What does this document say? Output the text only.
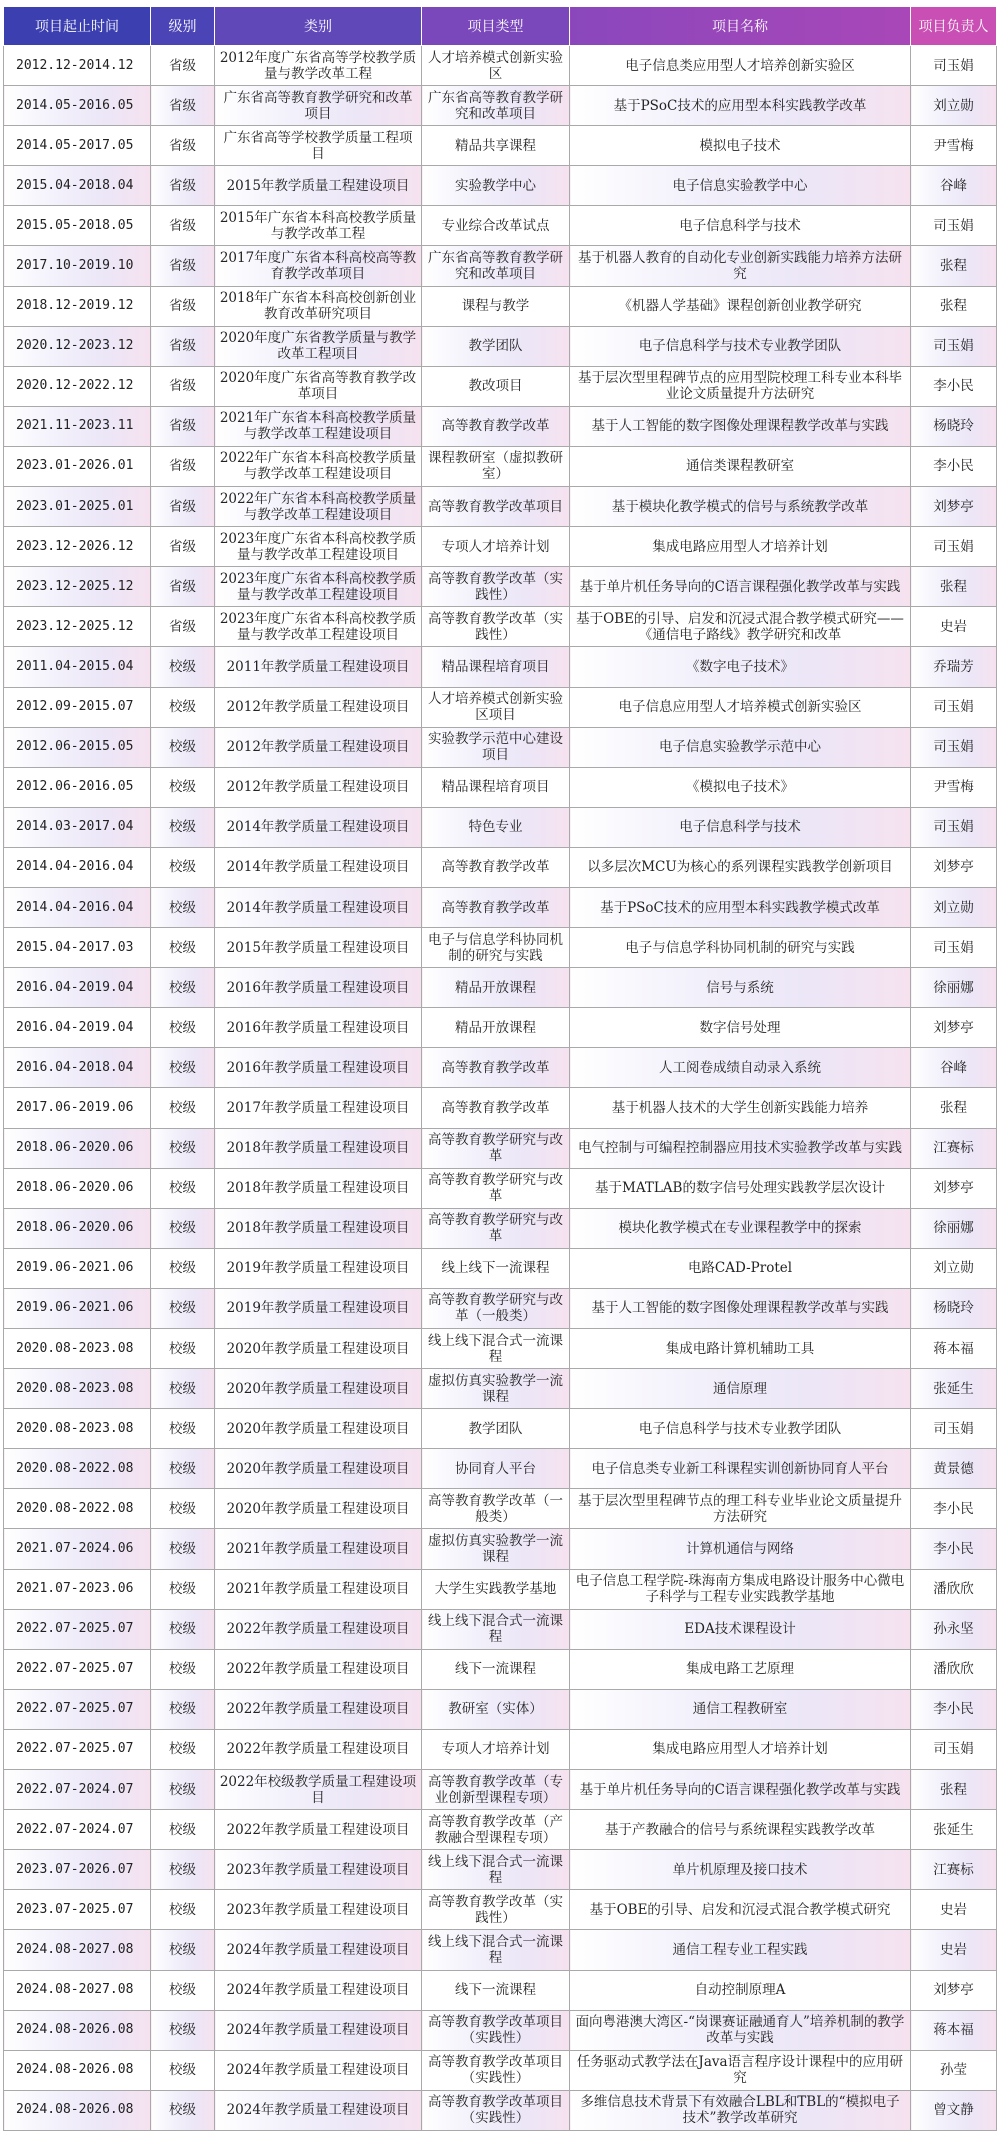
项目起止时间	级别	类别	项目类型	项目名称	项目负责人
2012.12-2014.12	省级	2012年度广东省高等学校教学质量与教学改革工程	人才培养模式创新实验区	电子信息类应用型人才培养创新实验区	司玉娟
2014.05-2016.05	省级	广东省高等教育教学研究和改革项目	广东省高等教育教学研究和改革项目	基于PSoC技术的应用型本科实践教学改革	刘立勋
2014.05-2017.05	省级	广东省高等学校教学质量工程项目	精品共享课程	模拟电子技术	尹雪梅
2015.04-2018.04	省级	2015年教学质量工程建设项目	实验教学中心	电子信息实验教学中心	谷峰
2015.05-2018.05	省级	2015年广东省本科高校教学质量与教学改革工程	专业综合改革试点	电子信息科学与技术	司玉娟
2017.10-2019.10	省级	2017年度广东省本科高校高等教育教学改革项目	广东省高等教育教学研究和改革项目	基于机器人教育的自动化专业创新实践能力培养方法研究	张程
2018.12-2019.12	省级	2018年广东省本科高校创新创业教育改革研究项目	课程与教学	《机器人学基础》课程创新创业教学研究	张程
2020.12-2023.12	省级	2020年度广东省教学质量与教学改革工程项目	教学团队	电子信息科学与技术专业教学团队	司玉娟
2020.12-2022.12	省级	2020年度广东省高等教育教学改革项目	教改项目	基于层次型里程碑节点的应用型院校理工科专业本科毕业论文质量提升方法研究	李小民
2021.11-2023.11	省级	2021年广东省本科高校教学质量与教学改革工程建设项目	高等教育教学改革	基于人工智能的数字图像处理课程教学改革与实践	杨晓玲
2023.01-2026.01	省级	2022年广东省本科高校教学质量与教学改革工程建设项目	课程教研室（虚拟教研室）	通信类课程教研室	李小民
2023.01-2025.01	省级	2022年广东省本科高校教学质量与教学改革工程建设项目	高等教育教学改革项目	基于模块化教学模式的信号与系统教学改革	刘梦亭
2023.12-2026.12	省级	2023年度广东省本科高校教学质量与教学改革工程建设项目	专项人才培养计划	集成电路应用型人才培养计划	司玉娟
2023.12-2025.12	省级	2023年度广东省本科高校教学质量与教学改革工程建设项目	高等教育教学改革（实践性）	基于单片机任务导向的C语言课程强化教学改革与实践	张程
2023.12-2025.12	省级	2023年度广东省本科高校教学质量与教学改革工程建设项目	高等教育教学改革（实践性）	基于OBE的引导、启发和沉浸式混合教学模式研究——《通信电子路线》教学研究和改革	史岩
2011.04-2015.04	校级	2011年教学质量工程建设项目	精品课程培育项目	《数字电子技术》	乔瑞芳
2012.09-2015.07	校级	2012年教学质量工程建设项目	人才培养模式创新实验区项目	电子信息应用型人才培养模式创新实验区	司玉娟
2012.06-2015.05	校级	2012年教学质量工程建设项目	实验教学示范中心建设项目	电子信息实验教学示范中心	司玉娟
2012.06-2016.05	校级	2012年教学质量工程建设项目	精品课程培育项目	《模拟电子技术》	尹雪梅
2014.03-2017.04	校级	2014年教学质量工程建设项目	特色专业	电子信息科学与技术	司玉娟
2014.04-2016.04	校级	2014年教学质量工程建设项目	高等教育教学改革	以多层次MCU为核心的系列课程实践教学创新项目	刘梦亭
2014.04-2016.04	校级	2014年教学质量工程建设项目	高等教育教学改革	基于PSoC技术的应用型本科实践教学模式改革	刘立勋
2015.04-2017.03	校级	2015年教学质量工程建设项目	电子与信息学科协同机制的研究与实践	电子与信息学科协同机制的研究与实践	司玉娟
2016.04-2019.04	校级	2016年教学质量工程建设项目	精品开放课程	信号与系统	徐丽娜
2016.04-2019.04	校级	2016年教学质量工程建设项目	精品开放课程	数字信号处理	刘梦亭
2016.04-2018.04	校级	2016年教学质量工程建设项目	高等教育教学改革	人工阅卷成绩自动录入系统	谷峰
2017.06-2019.06	校级	2017年教学质量工程建设项目	高等教育教学改革	基于机器人技术的大学生创新实践能力培养	张程
2018.06-2020.06	校级	2018年教学质量工程建设项目	高等教育教学研究与改革	电气控制与可编程控制器应用技术实验教学改革与实践	江赛标
2018.06-2020.06	校级	2018年教学质量工程建设项目	高等教育教学研究与改革	基于MATLAB的数字信号处理实践教学层次设计	刘梦亭
2018.06-2020.06	校级	2018年教学质量工程建设项目	高等教育教学研究与改革	模块化教学模式在专业课程教学中的探索	徐丽娜
2019.06-2021.06	校级	2019年教学质量工程建设项目	线上线下一流课程	电路CAD-Protel	刘立勋
2019.06-2021.06	校级	2019年教学质量工程建设项目	高等教育教学研究与改革（一般类）	基于人工智能的数字图像处理课程教学改革与实践	杨晓玲
2020.08-2023.08	校级	2020年教学质量工程建设项目	线上线下混合式一流课程	集成电路计算机辅助工具	蒋本福
2020.08-2023.08	校级	2020年教学质量工程建设项目	虚拟仿真实验教学一流课程	通信原理	张延生
2020.08-2023.08	校级	2020年教学质量工程建设项目	教学团队	电子信息科学与技术专业教学团队	司玉娟
2020.08-2022.08	校级	2020年教学质量工程建设项目	协同育人平台	电子信息类专业新工科课程实训创新协同育人平台	黄景德
2020.08-2022.08	校级	2020年教学质量工程建设项目	高等教育教学改革（一般类）	基于层次型里程碑节点的理工科专业毕业论文质量提升方法研究	李小民
2021.07-2024.06	校级	2021年教学质量工程建设项目	虚拟仿真实验教学一流课程	计算机通信与网络	李小民
2021.07-2023.06	校级	2021年教学质量工程建设项目	大学生实践教学基地	电子信息工程学院-珠海南方集成电路设计服务中心微电子科学与工程专业实践教学基地	潘欣欣
2022.07-2025.07	校级	2022年教学质量工程建设项目	线上线下混合式一流课程	EDA技术课程设计	孙永坚
2022.07-2025.07	校级	2022年教学质量工程建设项目	线下一流课程	集成电路工艺原理	潘欣欣
2022.07-2025.07	校级	2022年教学质量工程建设项目	教研室（实体）	通信工程教研室	李小民
2022.07-2025.07	校级	2022年教学质量工程建设项目	专项人才培养计划	集成电路应用型人才培养计划	司玉娟
2022.07-2024.07	校级	2022年校级教学质量工程建设项目	高等教育教学改革（专业创新型课程专项）	基于单片机任务导向的C语言课程强化教学改革与实践	张程
2022.07-2024.07	校级	2022年教学质量工程建设项目	高等教育教学改革（产教融合型课程专项）	基于产教融合的信号与系统课程实践教学改革	张延生
2023.07-2026.07	校级	2023年教学质量工程建设项目	线上线下混合式一流课程	单片机原理及接口技术	江赛标
2023.07-2025.07	校级	2023年教学质量工程建设项目	高等教育教学改革（实践性）	基于OBE的引导、启发和沉浸式混合教学模式研究	史岩
2024.08-2027.08	校级	2024年教学质量工程建设项目	线上线下混合式一流课程	通信工程专业工程实践	史岩
2024.08-2027.08	校级	2024年教学质量工程建设项目	线下一流课程	自动控制原理A	刘梦亭
2024.08-2026.08	校级	2024年教学质量工程建设项目	高等教育教学改革项目（实践性）	面向粤港澳大湾区-“岗课赛证融通育人”培养机制的教学改革与实践	蒋本福
2024.08-2026.08	校级	2024年教学质量工程建设项目	高等教育教学改革项目（实践性）	任务驱动式教学法在Java语言程序设计课程中的应用研究	孙莹
2024.08-2026.08	校级	2024年教学质量工程建设项目	高等教育教学改革项目（实践性）	多维信息技术背景下有效融合LBL和TBL的“模拟电子技术”教学改革研究	曾文静
